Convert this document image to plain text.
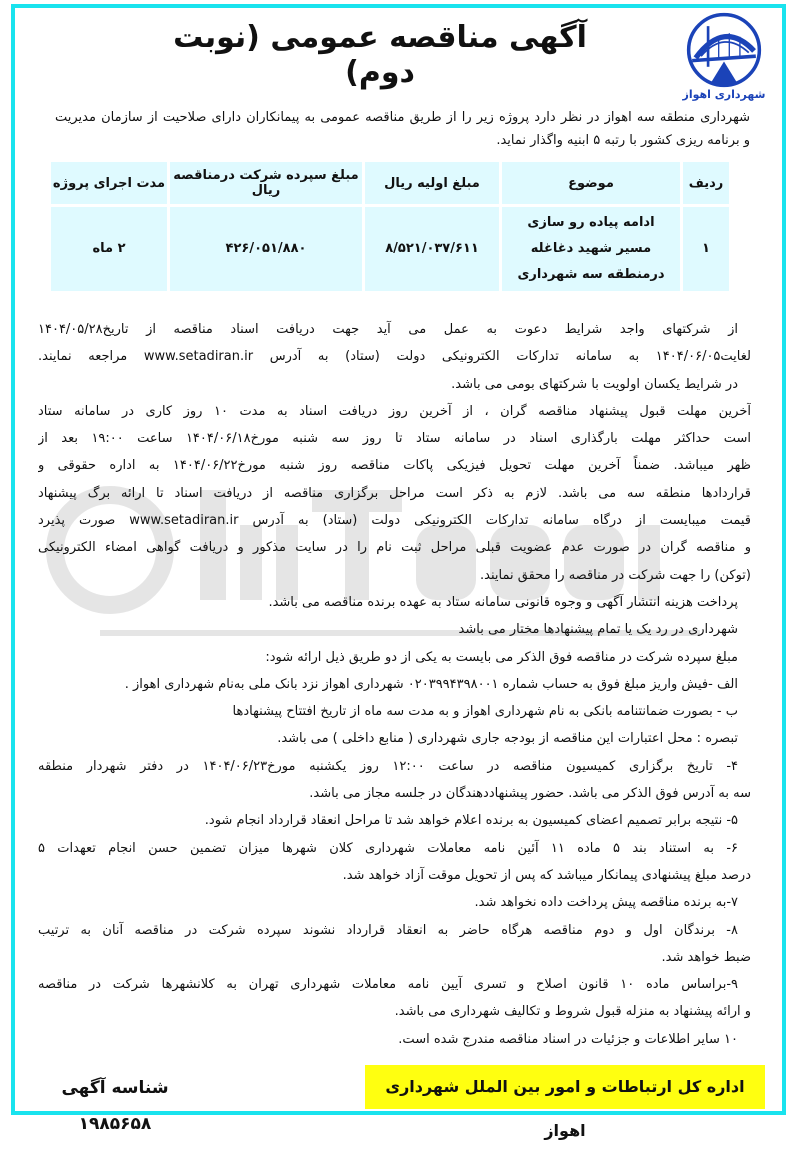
شهرداری اهواز
آگهی مناقصه عمومی (نوبت دوم)
شهرداری منطقه سه اهواز در نظر دارد پروژه زیر را از طریق مناقصه عمومی به پیمانکاران دارای صلاحیت از سازمان مدیریت
و برنامه ریزی کشور با رتبه ۵ ابنیه واگذار نماید.
ردیف	موضوع	مبلغ اولیه ریال	مبلغ سپرده شرکت درمناقصه ریال	مدت اجرای پروژه
۱	ادامه پیاده رو سازی مسیر شهید دغاغله درمنطقه سه شهرداری	۸/۵۲۱/۰۳۷/۶۱۱	۴۲۶/۰۵۱/۸۸۰	۲ ماه
از شرکتهای واجد شرایط دعوت به عمل می آید جهت دریافت اسناد مناقصه از تاریخ۱۴۰۴/۰۵/۲۸
لغایت۱۴۰۴/۰۶/۰۵ به سامانه تدارکات الکترونیکی دولت (ستاد) به آدرس www.setadiran.ir مراجعه نمایند.
در شرایط یکسان اولویت با شرکتهای بومی می باشد.
آخرین مهلت قبول پیشنهاد مناقصه گران ، از آخرین روز دریافت اسناد به مدت ۱۰ روز کاری در سامانه ستاد
است حداکثر مهلت بارگذاری اسناد در سامانه ستاد تا روز سه شنبه مورخ۱۴۰۴/۰۶/۱۸ ساعت ۱۹:۰۰ بعد از
ظهر میباشد. ضمناً آخرین مهلت تحویل فیزیکی پاکات مناقصه روز شنبه مورخ۱۴۰۴/۰۶/۲۲ به اداره حقوقی و
قراردادها منطقه سه می باشد. لازم به ذکر است مراحل برگزاری مناقصه از دریافت اسناد تا ارائه برگ پیشنهاد
قیمت میبایست از درگاه سامانه تدارکات الکترونیکی دولت (ستاد) به آدرس www.setadiran.ir صورت پذیرد
و مناقصه گران در صورت عدم عضویت قبلی مراحل ثبت نام را در سایت مذکور و دریافت گواهی امضاء الکترونیکی
(توکن) را جهت شرکت در مناقصه را محقق نمایند.
پرداخت هزینه انتشار آگهی و وجوه قانونی سامانه ستاد به عهده برنده مناقصه می باشد.
شهرداری در رد یک یا تمام پیشنهادها مختار می باشد
مبلغ سپرده شرکت در مناقصه فوق الذکر می بایست به یکی از دو طریق ذیل ارائه شود:
الف -فیش واریز مبلغ فوق به حساب شماره ۰۲۰۳۹۹۴۳۹۸۰۰۱ شهرداری اهواز نزد بانک ملی به‌نام شهرداری اهواز .
ب - بصورت ضمانتنامه بانکی به نام شهرداری اهواز و به مدت سه ماه از تاریخ افتتاح پیشنهادها
تبصره : محل اعتبارات این مناقصه از بودجه جاری شهرداری ( منابع داخلی ) می باشد.
۴- تاریخ برگزاری کمیسیون مناقصه در ساعت ۱۲:۰۰ روز یکشنبه مورخ۱۴۰۴/۰۶/۲۳ در دفتر شهردار منطقه
سه به آدرس فوق الذکر می باشد. حضور پیشنهاددهندگان در جلسه مجاز می باشد.
۵- نتیجه برابر تصمیم اعضای کمیسیون به برنده اعلام خواهد شد تا مراحل انعقاد قرارداد انجام شود.
۶- به استناد بند ۵ ماده ۱۱ آئین نامه معاملات شهرداری کلان شهرها میزان تضمین حسن انجام تعهدات ۵
درصد مبلغ پیشنهادی پیمانکار میباشد که پس از تحویل موقت آزاد خواهد شد.
۷-به برنده مناقصه پیش پرداخت داده نخواهد شد.
۸- برندگان اول و دوم مناقصه هرگاه حاضر به انعقاد قرارداد نشوند سپرده شرکت در مناقصه آنان به ترتیب
ضبط خواهد شد.
۹-براساس ماده ۱۰ قانون اصلاح و تسری آیین نامه معاملات شهرداری تهران به کلانشهرها شرکت در مناقصه
و ارائه پیشنهاد به منزله قبول شروط و تکالیف شهرداری می باشد.
۱۰ سایر اطلاعات و جزئیات در اسناد مناقصه مندرج شده است.
اداره کل ارتباطات و امور بین الملل شهرداری اهواز
شناسه آگهی ۱۹۸۵۶۵۸
